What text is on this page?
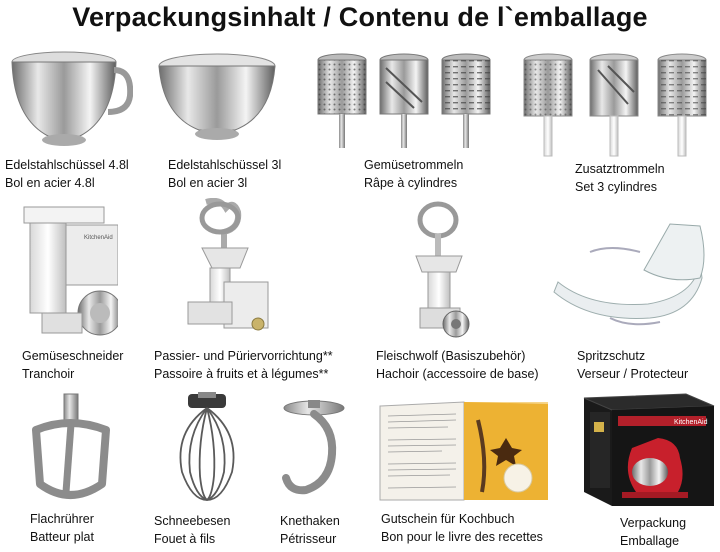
Verpackungsinhalt / Contenu de l`emballage
Edelstahlschüssel 4.8l
Bol en acier 4.8l
Edelstahlschüssel 3l
Bol en acier 3l
Gemüsetrommeln
Râpe à cylindres
Zusatztrommeln
Set 3 cylindres
KitchenAid
Gemüseschneider
Tranchoir
Passier- und Püriervorrichtung**
Passoire à fruits et à légumes**
Fleischwolf (Basiszubehör)
Hachoir (accessoire de base)
Spritzschutz
Verseur / Protecteur
Flachrührer
Batteur plat
Schneebesen
Fouet à fils
Knethaken
Pétrisseur
Gutschein für Kochbuch
Bon pour le livre des recettes
KitchenAid
Verpackung
Emballage
